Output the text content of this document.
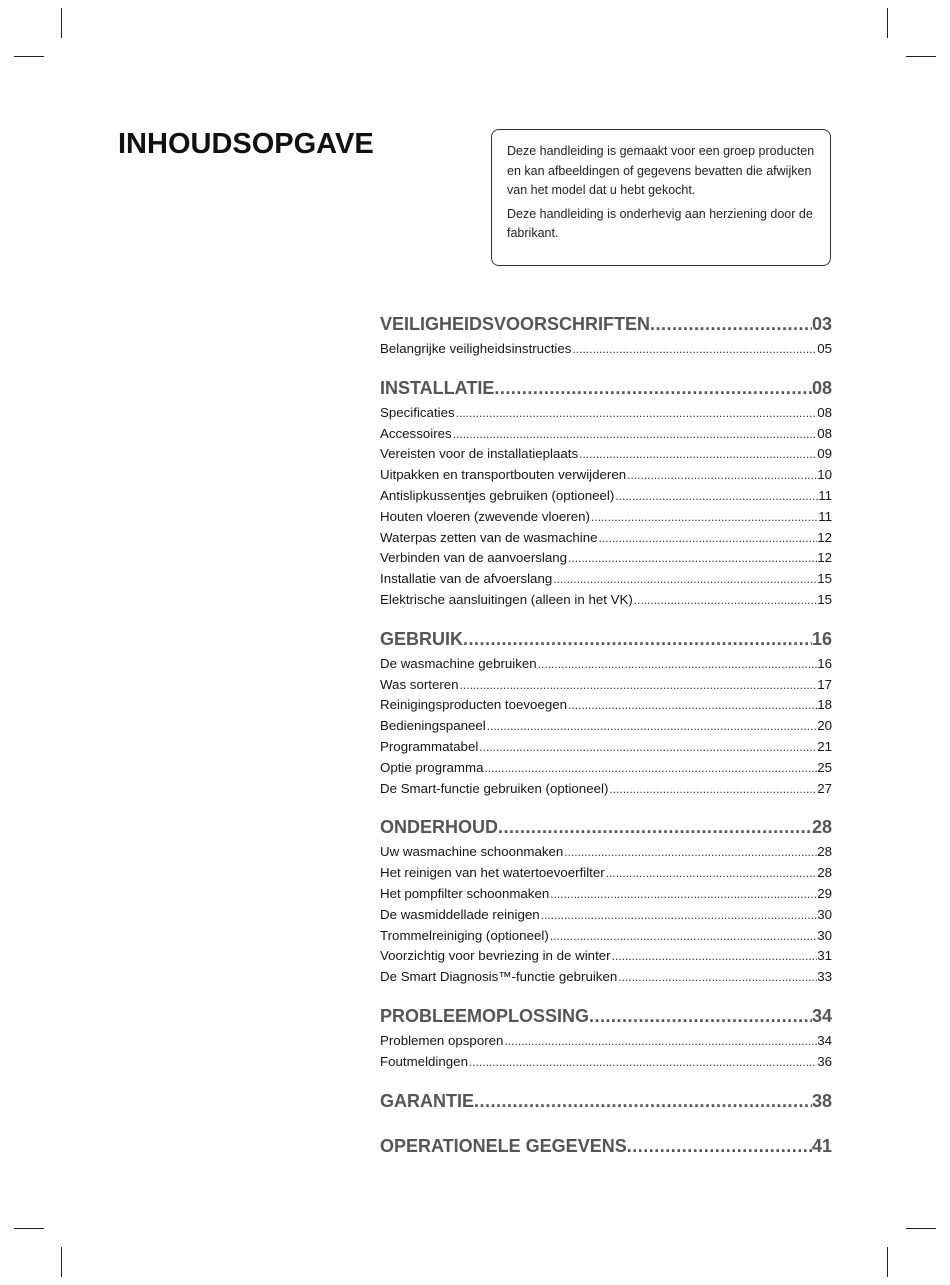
INHOUDSOPGAVE	Deze handleiding is gemaakt voor een groep producten en kan afbeeldingen of gegevens bevatten die afwijken van het model dat u hebt gekocht.

Deze handleiding is onderhevig aan herziening door de fabrikant.

VEILIGHEIDSVOORSCHRIFTEN .....	03
Belangrijke veiligheidsinstructies .....	05
INSTALLATIE .....	08
Specificaties .....	08
Accessoires .....	08
Vereisten voor de installatieplaats .....	09
Uitpakken en transportbouten verwijderen .....	10
Antislipkussentjes gebruiken (optioneel) .....	11
Houten vloeren (zwevende vloeren) .....	11
Waterpas zetten van de wasmachine .....	12
Verbinden van de aanvoerslang .....	12
Installatie van de afvoerslang .....	15
Elektrische aansluitingen (alleen in het VK) .....	15
GEBRUIK .....	16
De wasmachine gebruiken .....	16
Was sorteren .....	17
Reinigingsproducten toevoegen .....	18
Bedieningspaneel .....	20
Programmatabel .....	21
Optie programma .....	25
De Smart-functie gebruiken (optioneel) .....	27
ONDERHOUD .....	28
Uw wasmachine schoonmaken .....	28
Het reinigen van het watertoevoerfilter .....	28
Het pompfilter schoonmaken .....	29
De wasmiddellade reinigen .....	30
Trommelreiniging (optioneel) .....	30
Voorzichtig voor bevriezing in de winter .....	31
De Smart Diagnosis™-functie gebruiken .....	33
PROBLEEMOPLOSSING .....	34
Problemen opsporen .....	34
Foutmeldingen .....	36
GARANTIE .....	38
OPERATIONELE GEGEVENS .....	41
